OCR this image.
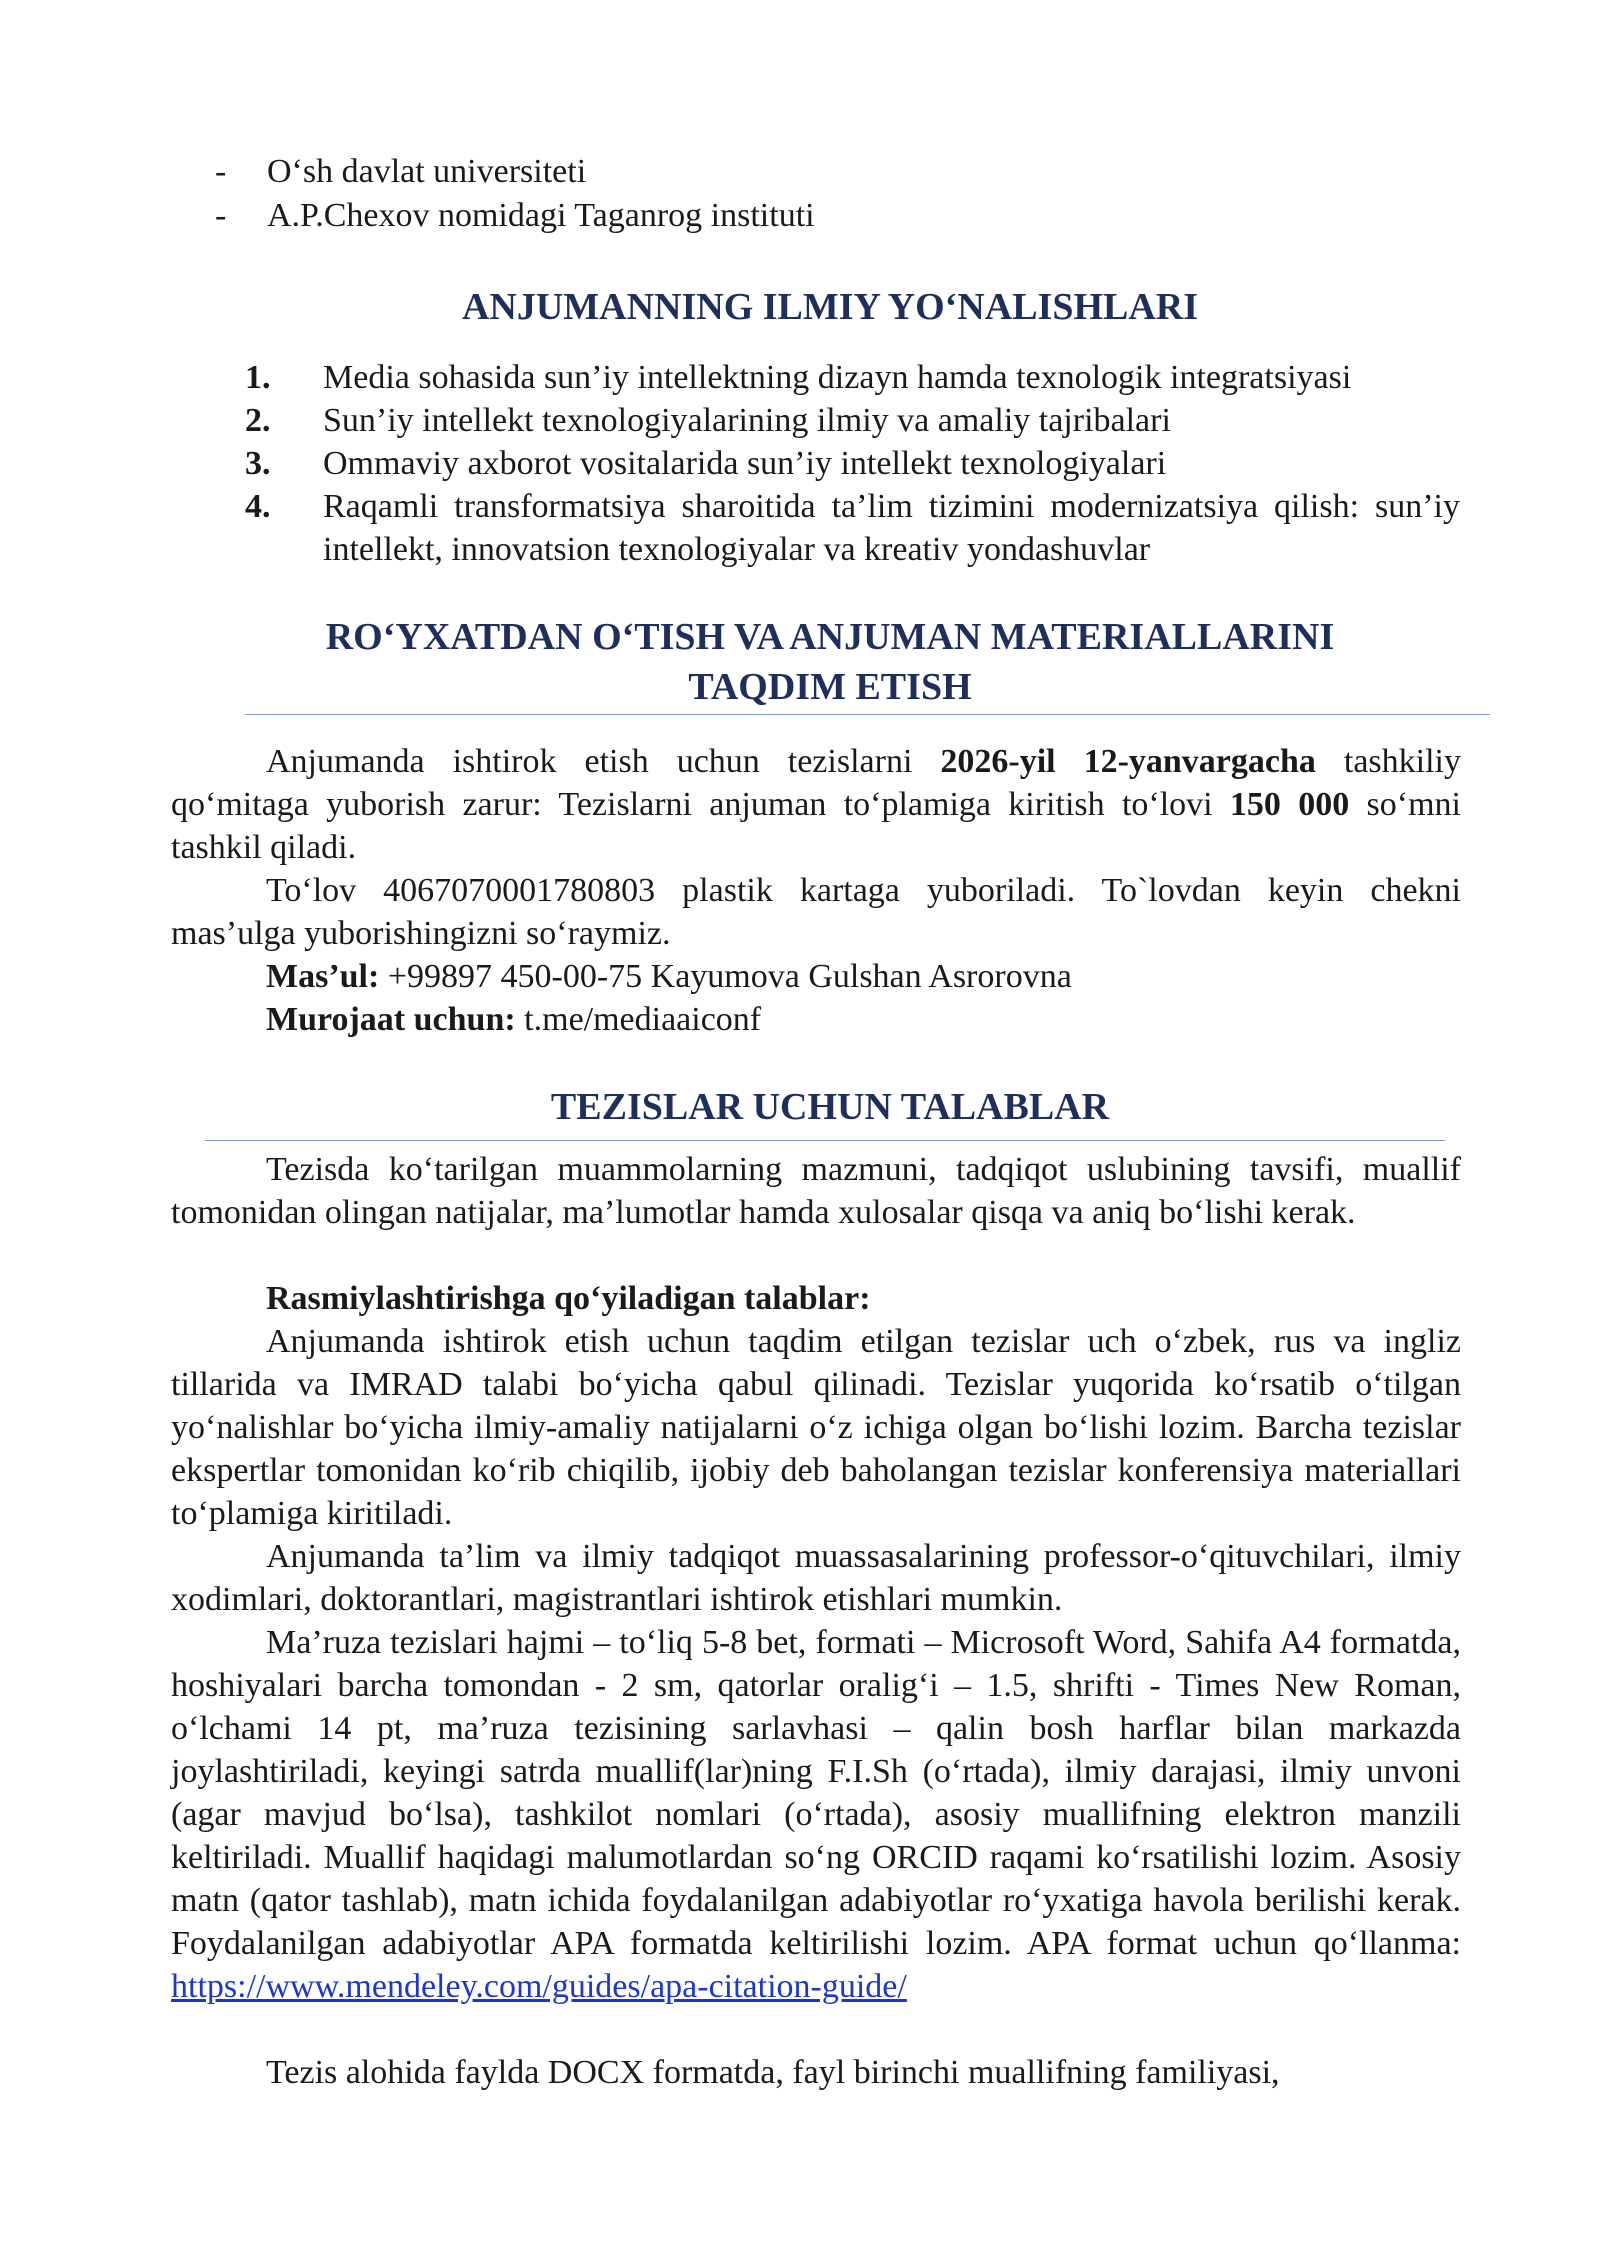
- O‘sh davlat universiteti
- A.P.Chexov nomidagi Taganrog instituti
ANJUMANNING ILMIY YO‘NALISHLARI
1. Media sohasida sun’iy intellektning dizayn hamda texnologik integratsiyasi
2. Sun’iy intellekt texnologiyalarining ilmiy va amaliy tajribalari
3. Ommaviy axborot vositalarida sun’iy intellekt texnologiyalari
4. Raqamli transformatsiya sharoitida ta’lim tizimini modernizatsiya qilish: sun’iy intellekt, innovatsion texnologiyalar va kreativ yondashuvlar
RO‘YXATDAN O‘TISH VA ANJUMAN MATERIALLARINI
TAQDIM ETISH

Anjumanda ishtirok etish uchun tezislarni 2026-yil 12-yanvargacha tashkiliy qo‘mitaga yuborish zarur: Tezislarni anjuman to‘plamiga kiritish to‘lovi 150 000 so‘mni tashkil qiladi.

To‘lov 4067070001780803 plastik kartaga yuboriladi. To`lovdan keyin chekni mas’ulga yuborishingizni so‘raymiz.

Mas’ul: +99897 450-00-75 Kayumova Gulshan Asrorovna

Murojaat uchun: t.me/mediaaiconf

TEZISLAR UCHUN TALABLAR

Tezisda ko‘tarilgan muammolarning mazmuni, tadqiqot uslubining tavsifi, muallif tomonidan olingan natijalar, ma’lumotlar hamda xulosalar qisqa va aniq bo‘lishi kerak.

Rasmiylashtirishga qo‘yiladigan talablar:

Anjumanda ishtirok etish uchun taqdim etilgan tezislar uch o‘zbek, rus va ingliz tillarida va IMRAD talabi bo‘yicha qabul qilinadi. Tezislar yuqorida ko‘rsatib o‘tilgan yo‘nalishlar bo‘yicha ilmiy-amaliy natijalarni o‘z ichiga olgan bo‘lishi lozim. Barcha tezislar ekspertlar tomonidan ko‘rib chiqilib, ijobiy deb baholangan tezislar konferensiya materiallari to‘plamiga kiritiladi.

Anjumanda ta’lim va ilmiy tadqiqot muassasalarining professor-o‘qituvchilari, ilmiy xodimlari, doktorantlari, magistrantlari ishtirok etishlari mumkin.

Ma’ruza tezislari hajmi – to‘liq 5-8 bet, formati – Microsoft Word, Sahifa A4 formatda, hoshiyalari barcha tomondan - 2 sm, qatorlar oralig‘i – 1.5, shrifti - Times New Roman, o‘lchami 14 pt, ma’ruza tezisining sarlavhasi – qalin bosh harflar bilan markazda joylashtiriladi, keyingi satrda muallif(lar)ning F.I.Sh (o‘rtada), ilmiy darajasi, ilmiy unvoni (agar mavjud bo‘lsa), tashkilot nomlari (o‘rtada), asosiy muallifning elektron manzili keltiriladi. Muallif haqidagi malumotlardan so‘ng ORCID raqami ko‘rsatilishi lozim. Asosiy matn (qator tashlab), matn ichida foydalanilgan adabiyotlar ro‘yxatiga havola berilishi kerak. Foydalanilgan adabiyotlar APA formatda keltirilishi lozim. APA format uchun qo‘llanma: https://www.mendeley.com/guides/apa-citation-guide/

Tezis alohida faylda DOCX formatda, fayl birinchi muallifning familiyasi,
